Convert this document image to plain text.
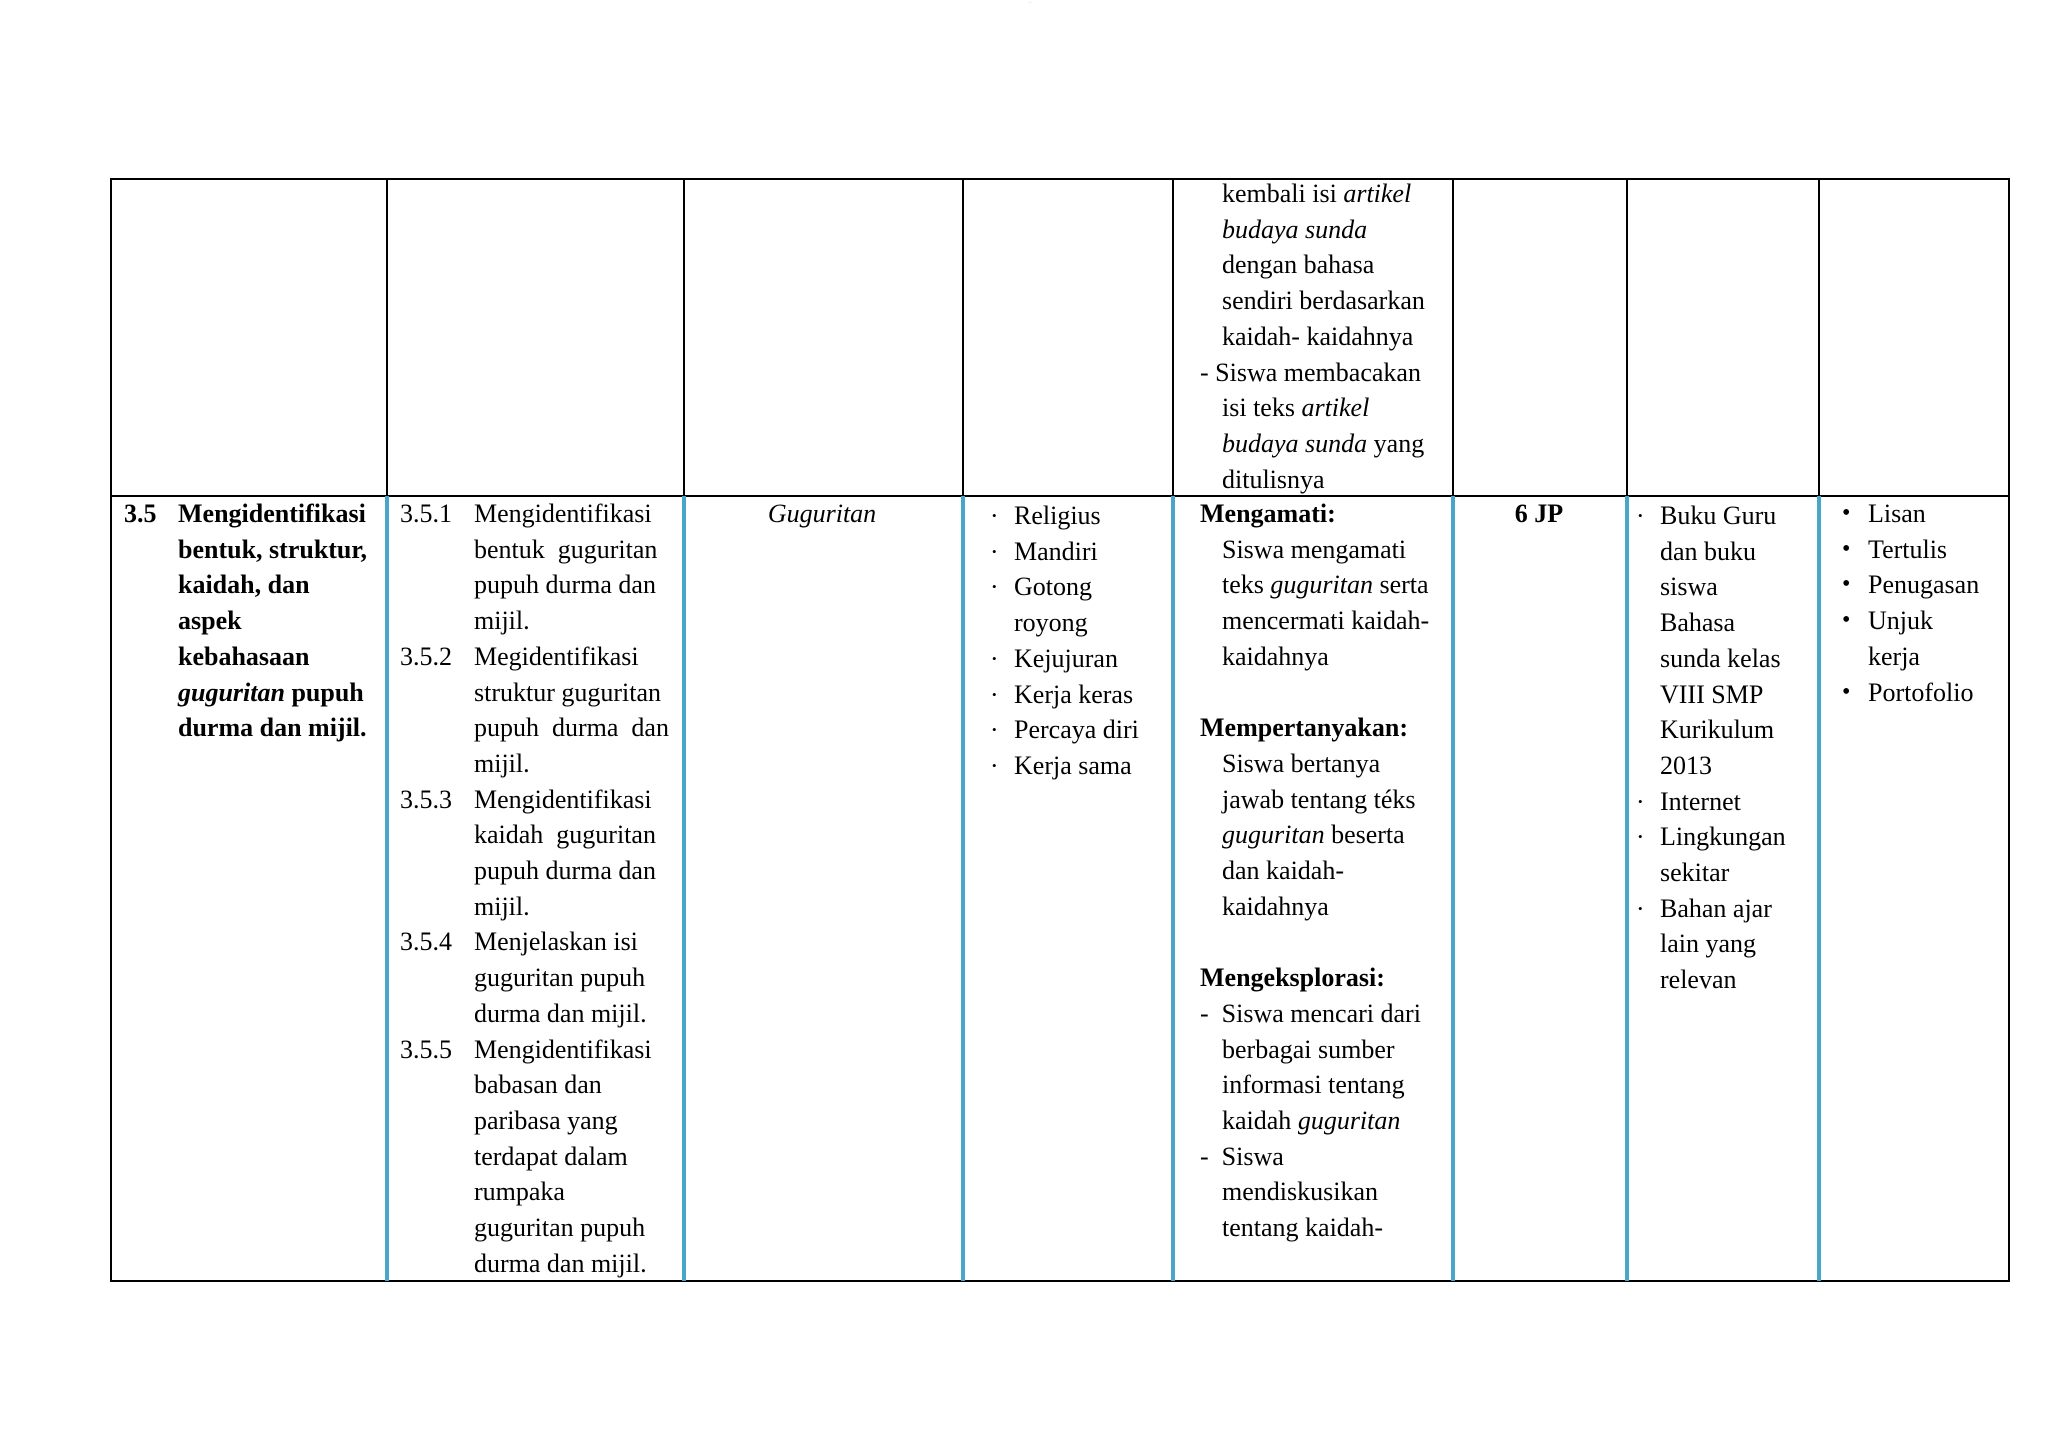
—
kembali isi artikel
budaya sunda
dengan bahasa
sendiri berdasarkan
kaidah- kaidahnya
- Siswa membacakan
isi teks artikel
budaya sunda yang
ditulisnya
3.5 Mengidentifikasi
bentuk, struktur,
kaidah, dan
aspek
kebahasaan
guguritan pupuh
durma dan mijil.
3.5.1 Mengidentifikasi
bentuk  guguritan
pupuh durma dan
mijil.
3.5.2 Megidentifikasi
struktur guguritan
pupuh  durma  dan
mijil.
3.5.3 Mengidentifikasi
kaidah  guguritan
pupuh durma dan
mijil.
3.5.4 Menjelaskan isi
guguritan pupuh
durma dan mijil.
3.5.5 Mengidentifikasi
babasan dan
paribasa yang
terdapat dalam
rumpaka
guguritan pupuh
durma dan mijil.
Guguritan	• Religius
• Mandiri
• Gotong
royong
• Kejujuran
• Kerja keras
• Percaya diri
• Kerja sama
Mengamati:
Siswa mengamati
teks guguritan serta
mencermati kaidah-
kaidahnya
Mempertanyakan:
Siswa bertanya
jawab tentang téks
guguritan beserta
dan kaidah-
kaidahnya
Mengeksplorasi:
-  Siswa mencari dari
berbagai sumber
informasi tentang
kaidah guguritan
-  Siswa
mendiskusikan
tentang kaidah-
6 JP	• Buku Guru
dan buku
siswa
Bahasa
sunda kelas
VIII SMP
Kurikulum
2013
• Internet
• Lingkungan
sekitar
• Bahan ajar
lain yang
relevan
• Lisan
• Tertulis
• Penugasan
• Unjuk
kerja
• Portofolio
